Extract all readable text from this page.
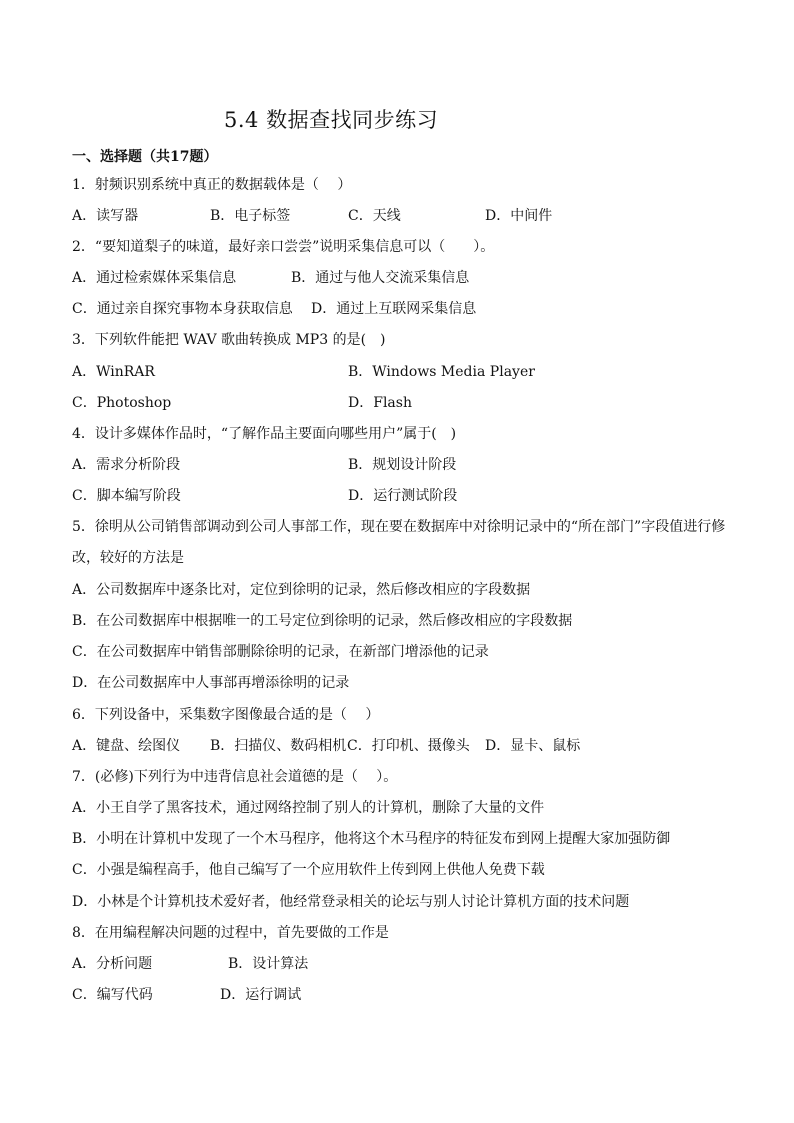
5.4 数据查找同步练习
一、选择题（共17题）
1．射频识别系统中真正的数据载体是（　 ）
A．读写器	B．电子标签	C．天线	D．中间件
2．“要知道梨子的味道，最好亲口尝尝”说明采集信息可以（　　）。
A．通过检索媒体采集信息	B．通过与他人交流采集信息
C．通过亲自探究事物本身获取信息 D．通过上互联网采集信息
3．下列软件能把 WAV 歌曲转换成 MP3 的是(　)
A．WinRAR	B．Windows Media Player
C．Photoshop	D．Flash
4．设计多媒体作品时，“了解作品主要面向哪些用户”属于(　)
A．需求分析阶段	B．规划设计阶段
C．脚本编写阶段	D．运行测试阶段
5．徐明从公司销售部调动到公司人事部工作，现在要在数据库中对徐明记录中的“所在部门”字段值进行修
改，较好的方法是
A．公司数据库中逐条比对，定位到徐明的记录，然后修改相应的字段数据
B．在公司数据库中根据唯一的工号定位到徐明的记录，然后修改相应的字段数据
C．在公司数据库中销售部删除徐明的记录，在新部门增添他的记录
D．在公司数据库中人事部再增添徐明的记录
6．下列设备中，采集数字图像最合适的是（　 ）
A．键盘、绘图仪 B．扫描仪、数码相机 C．打印机、摄像头 D．显卡、鼠标
7．(必修)下列行为中违背信息社会道德的是（　 ）。
A．小王自学了黑客技术，通过网络控制了别人的计算机，删除了大量的文件
B．小明在计算机中发现了一个木马程序，他将这个木马程序的特征发布到网上提醒大家加强防御
C．小强是编程高手，他自己编写了一个应用软件上传到网上供他人免费下载
D．小林是个计算机技术爱好者，他经常登录相关的论坛与别人讨论计算机方面的技术问题
8．在用编程解决问题的过程中，首先要做的工作是
A．分析问题	B．设计算法
C．编写代码	D．运行调试
